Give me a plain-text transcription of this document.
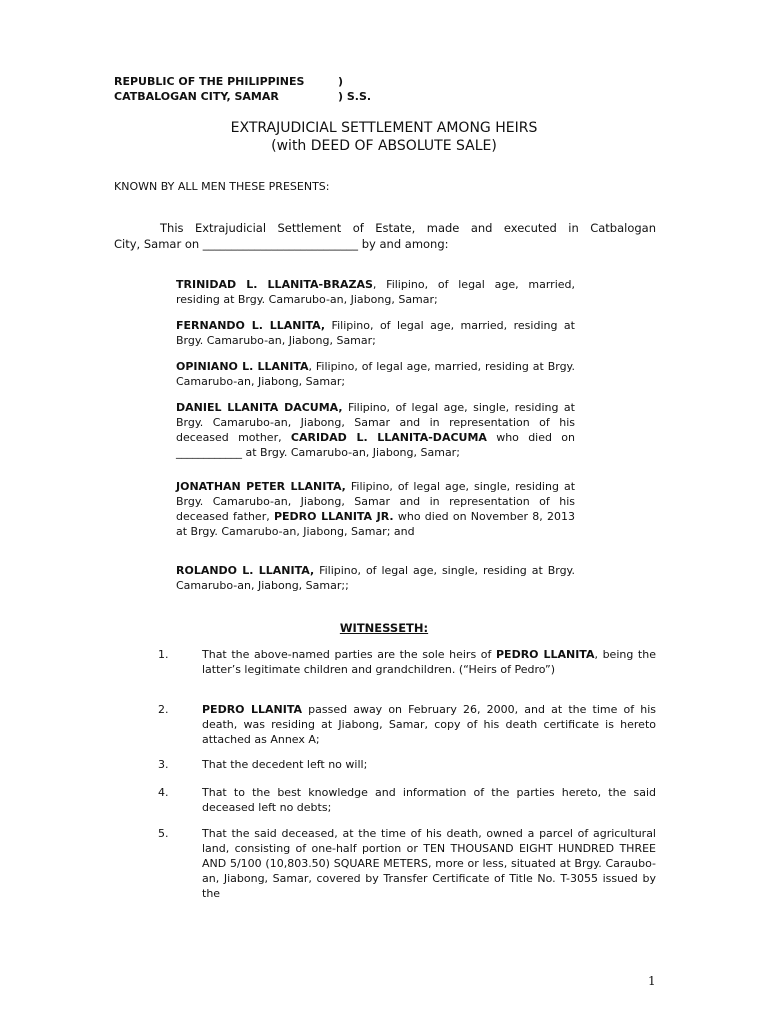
REPUBLIC OF THE PHILIPPINES	)
CATBALOGAN CITY, SAMAR	) S.S.
EXTRAJUDICIAL SETTLEMENT AMONG HEIRS
(with DEED OF ABSOLUTE SALE)
KNOWN BY ALL MEN THESE PRESENTS:
This Extrajudicial Settlement of Estate, made and executed in Catbalogan
City, Samar on ___________________________ by and among:
TRINIDAD L. LLANITA-BRAZAS, Filipino, of legal age, married, residing at Brgy. Camarubo-an, Jiabong, Samar;
FERNANDO L. LLANITA, Filipino, of legal age, married, residing at Brgy. Camarubo-an, Jiabong, Samar;
OPINIANO L. LLANITA, Filipino, of legal age, married, residing at Brgy. Camarubo-an, Jiabong, Samar;
DANIEL LLANITA DACUMA, Filipino, of legal age, single, residing at Brgy. Camarubo-an, Jiabong, Samar and in representation of his deceased mother, CARIDAD L. LLANITA-DACUMA who died on ____________ at Brgy. Camarubo-an, Jiabong, Samar;
JONATHAN PETER LLANITA, Filipino, of legal age, single, residing at Brgy. Camarubo-an, Jiabong, Samar and in representation of his deceased father, PEDRO LLANITA JR. who died on November 8, 2013 at Brgy. Camarubo-an, Jiabong, Samar; and
ROLANDO L. LLANITA, Filipino, of legal age, single, residing at Brgy. Camarubo-an, Jiabong, Samar;;
WITNESSETH:
1.	That the above-named parties are the sole heirs of PEDRO LLANITA, being the latter’s legitimate children and grandchildren. (“Heirs of Pedro”)
2.	PEDRO LLANITA passed away on February 26, 2000, and at the time of his death, was residing at Jiabong, Samar, copy of his death certificate is hereto attached as Annex A;
3.	That the decedent left no will;
4.	That to the best knowledge and information of the parties hereto, the said deceased left no debts;
5.	That the said deceased, at the time of his death, owned a parcel of agricultural land, consisting of one-half portion or TEN THOUSAND EIGHT HUNDRED THREE AND 5/100 (10,803.50) SQUARE METERS, more or less, situated at Brgy. Caraubo-an, Jiabong, Samar, covered by Transfer Certificate of Title No. T-3055 issued by the
1
